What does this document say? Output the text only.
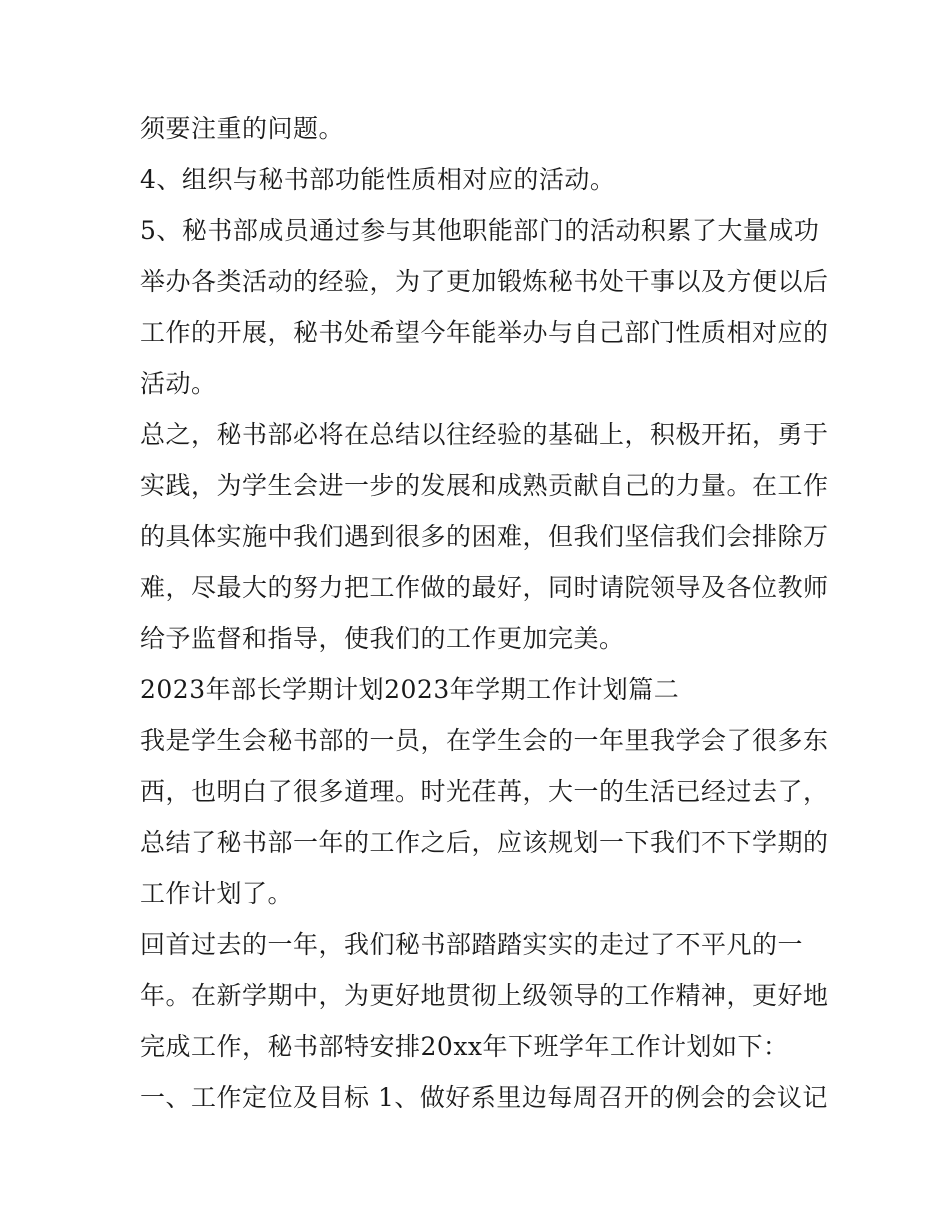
须要注重的问题。
4、组织与秘书部功能性质相对应的活动。
5、秘书部成员通过参与其他职能部门的活动积累了大量成功
举办各类活动的经验，为了更加锻炼秘书处干事以及方便以后
工作的开展，秘书处希望今年能举办与自己部门性质相对应的
活动。
总之，秘书部必将在总结以往经验的基础上，积极开拓，勇于
实践，为学生会进一步的发展和成熟贡献自己的力量。在工作
的具体实施中我们遇到很多的困难，但我们坚信我们会排除万
难，尽最大的努力把工作做的最好，同时请院领导及各位教师
给予监督和指导，使我们的工作更加完美。
2023年部长学期计划2023年学期工作计划篇二
我是学生会秘书部的一员，在学生会的一年里我学会了很多东
西，也明白了很多道理。时光荏苒，大一的生活已经过去了，
总结了秘书部一年的工作之后，应该规划一下我们不下学期的
工作计划了。
回首过去的一年，我们秘书部踏踏实实的走过了不平凡的一
年。在新学期中，为更好地贯彻上级领导的工作精神，更好地
完成工作，秘书部特安排20xx年下班学年工作计划如下：
一、工作定位及目标 1、做好系里边每周召开的例会的会议记
